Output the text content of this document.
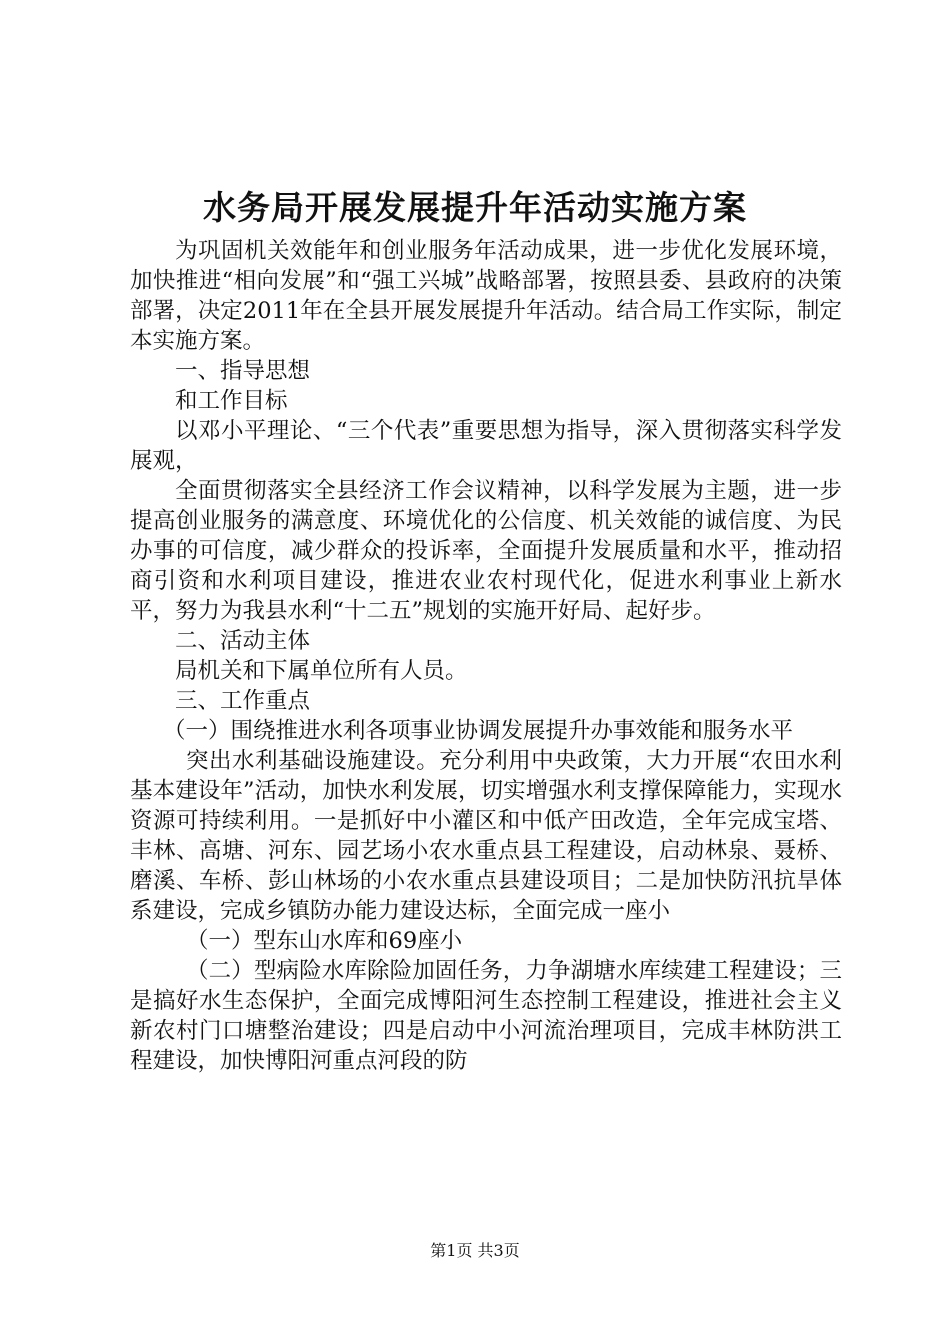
水务局开展发展提升年活动实施方案

为巩固机关效能年和创业服务年活动成果，进一步优化发展环境，加快推进“相向发展”和“强工兴城”战略部署，按照县委、县政府的决策部署，决定2011年在全县开展发展提升年活动。结合局工作实际，制定本实施方案。

一、指导思想

和工作目标

以邓小平理论、“三个代表”重要思想为指导，深入贯彻落实科学发展观，

全面贯彻落实全县经济工作会议精神，以科学发展为主题，进一步提高创业服务的满意度、环境优化的公信度、机关效能的诚信度、为民办事的可信度，减少群众的投诉率，全面提升发展质量和水平，推动招商引资和水利项目建设，推进农业农村现代化，促进水利事业上新水平，努力为我县水利“十二五”规划的实施开好局、起好步。

二、活动主体

局机关和下属单位所有人员。

三、工作重点

（一）围绕推进水利各项事业协调发展提升办事效能和服务水平

突出水利基础设施建设。充分利用中央政策，大力开展“农田水利基本建设年”活动，加快水利发展，切实增强水利支撑保障能力，实现水资源可持续利用。一是抓好中小灌区和中低产田改造，全年完成宝塔、丰林、高塘、河东、园艺场小农水重点县工程建设，启动林泉、聂桥、磨溪、车桥、彭山林场的小农水重点县建设项目；二是加快防汛抗旱体系建设，完成乡镇防办能力建设达标，全面完成一座小

（一）型东山水库和69座小

（二）型病险水库除险加固任务，力争湖塘水库续建工程建设；三是搞好水生态保护，全面完成博阳河生态控制工程建设，推进社会主义新农村门口塘整治建设；四是启动中小河流治理项目，完成丰林防洪工程建设，加快博阳河重点河段的防

第1页 共3页
